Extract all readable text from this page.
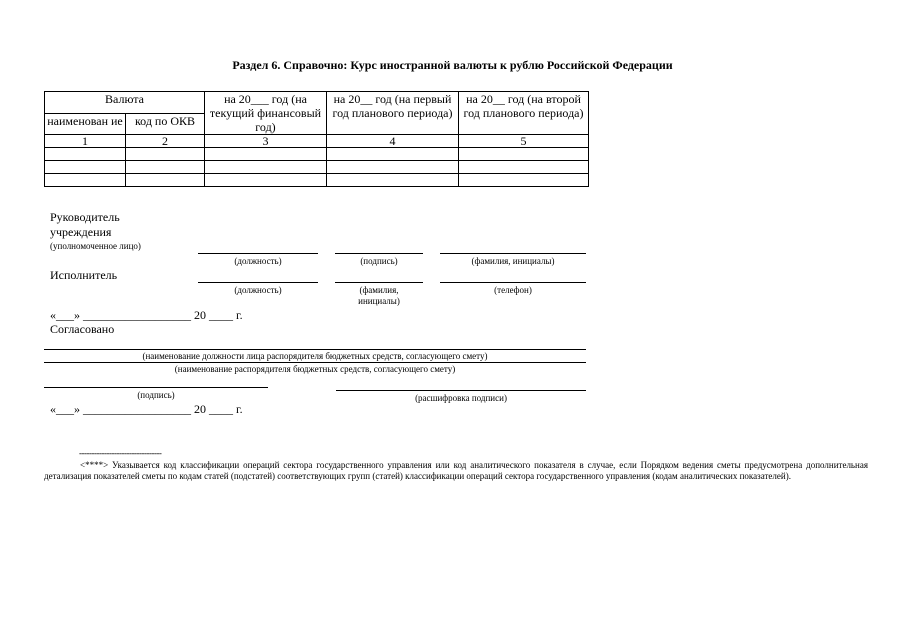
Раздел 6. Справочно: Курс иностранной валюты к рублю Российской Федерации
Валюта		на 20___ год (на текущий финансовый год)	на 20__ год (на первый год планового периода)	на 20__ год (на второй год планового периода)
наименован ие	код по ОКВ			
1	2	3	4	5

Руководитель
учреждения
(уполномоченное лицо)
(должность)	(подпись)	(фамилия, инициалы)
Исполнитель
(должность)	(фамилия, инициалы)
(телефон)
«___» __________________ 20 ____ г.
Согласовано
(наименование должности лица распорядителя бюджетных средств, согласующего смету)
(наименование распорядителя бюджетных средств, согласующего смету)
(подпись)	(расшифровка подписи)
«___» __________________ 20 ____ г.
---------------------------------
<****> Указывается код классификации операций сектора государственного управления или код аналитического показателя в случае, если Порядком ведения сметы предусмотрена дополнительная детализация показателей сметы по кодам статей (подстатей) соответствующих групп (статей) классификации операций сектора государственного управления (кодам аналитических показателей).
